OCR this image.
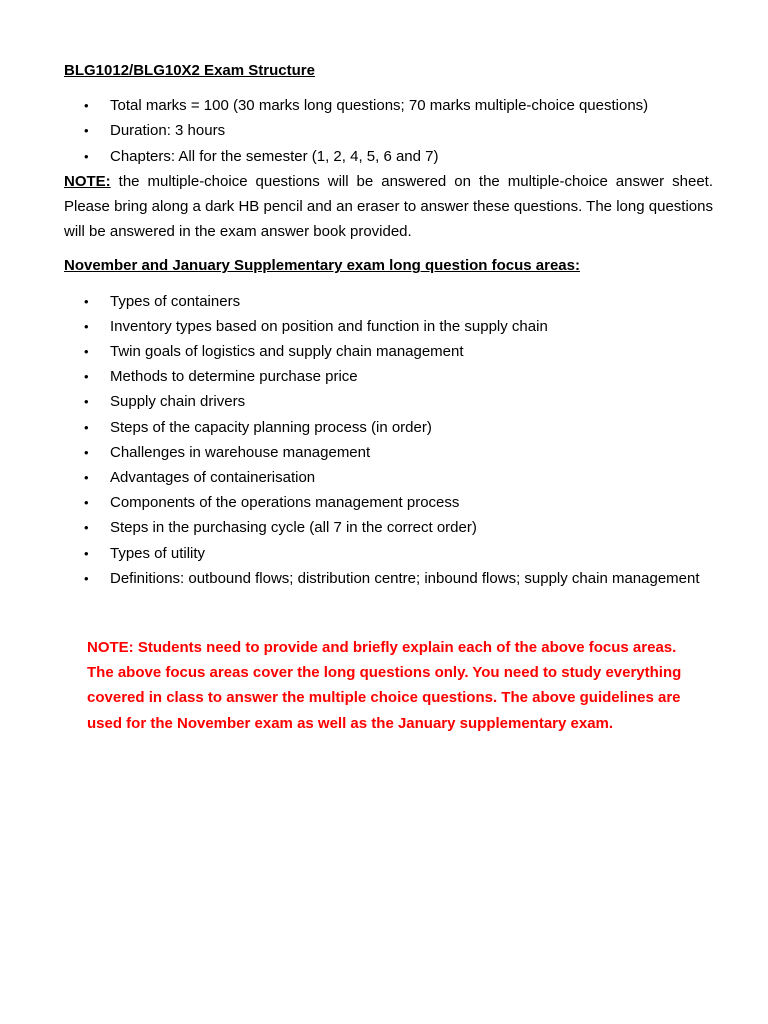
BLG1012/BLG10X2 Exam Structure
• Total marks = 100 (30 marks long questions; 70 marks multiple-choice questions)
• Duration: 3 hours
• Chapters: All for the semester (1, 2, 4, 5, 6 and 7)

NOTE: the multiple-choice questions will be answered on the multiple-choice answer sheet. Please bring along a dark HB pencil and an eraser to answer these questions. The long questions will be answered in the exam answer book provided.

November and January Supplementary exam long question focus areas:
• Types of containers
• Inventory types based on position and function in the supply chain
• Twin goals of logistics and supply chain management
• Methods to determine purchase price
• Supply chain drivers
• Steps of the capacity planning process (in order)
• Challenges in warehouse management
• Advantages of containerisation
• Components of the operations management process
• Steps in the purchasing cycle (all 7 in the correct order)
• Types of utility
• Definitions: outbound flows; distribution centre; inbound flows; supply chain management

NOTE: Students need to provide and briefly explain each of the above focus areas. The above focus areas cover the long questions only. You need to study everything covered in class to answer the multiple choice questions. The above guidelines are used for the November exam as well as the January supplementary exam.
